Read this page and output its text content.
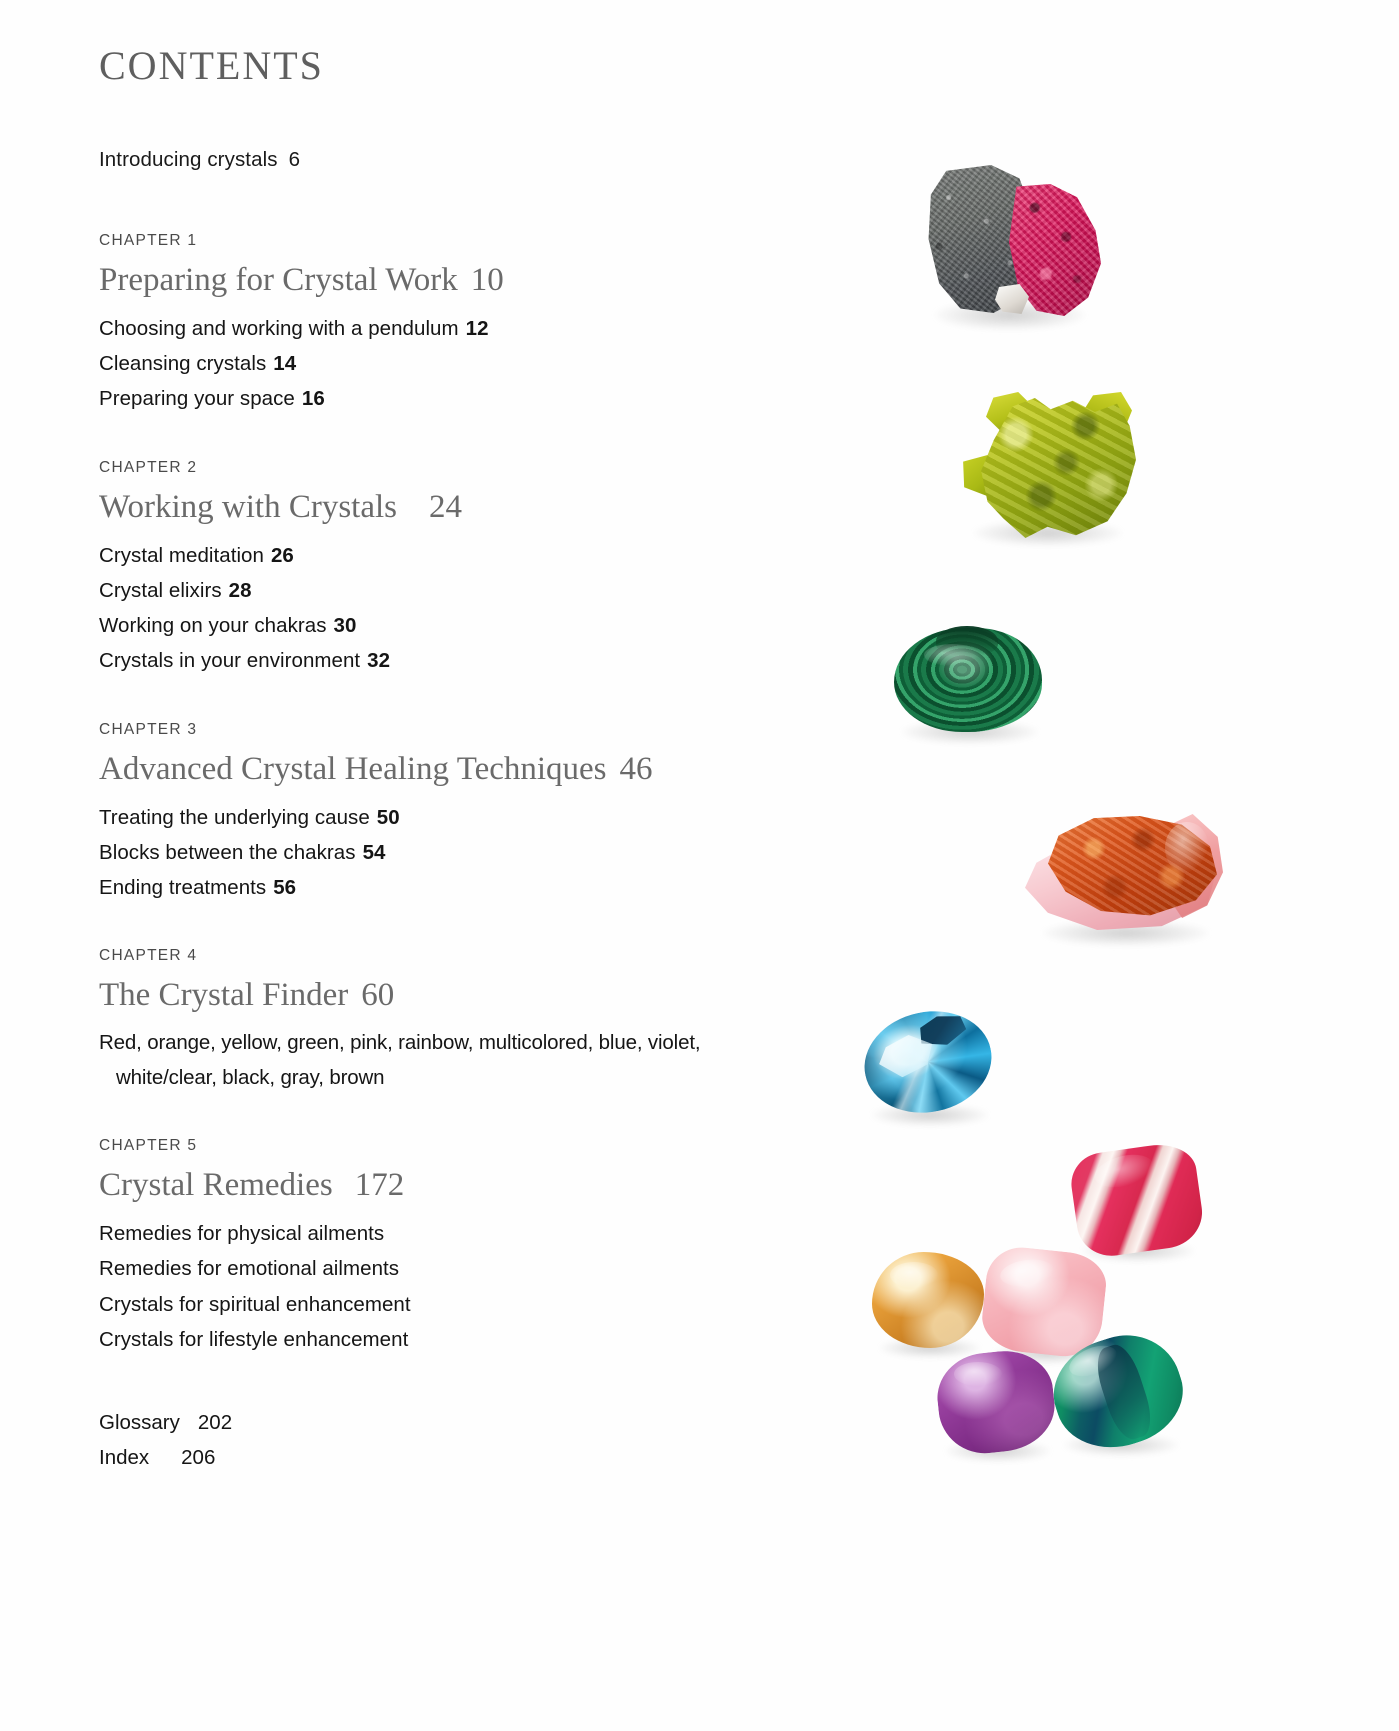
CONTENTS
Introducing crystals 6
CHAPTER 1
Preparing for Crystal Work 10
Choosing and working with a pendulum 12
Cleansing crystals 14
Preparing your space 16
CHAPTER 2
Working with Crystals 24
Crystal meditation 26
Crystal elixirs 28
Working on your chakras 30
Crystals in your environment 32
CHAPTER 3
Advanced Crystal Healing Techniques 46
Treating the underlying cause 50
Blocks between the chakras 54
Ending treatments 56
CHAPTER 4
The Crystal Finder 60
Red, orange, yellow, green, pink, rainbow, multicolored, blue, violet,
white/clear, black, gray, brown
CHAPTER 5
Crystal Remedies 172
Remedies for physical ailments
Remedies for emotional ailments
Crystals for spiritual enhancement
Crystals for lifestyle enhancement
Glossary 202
Index 206
